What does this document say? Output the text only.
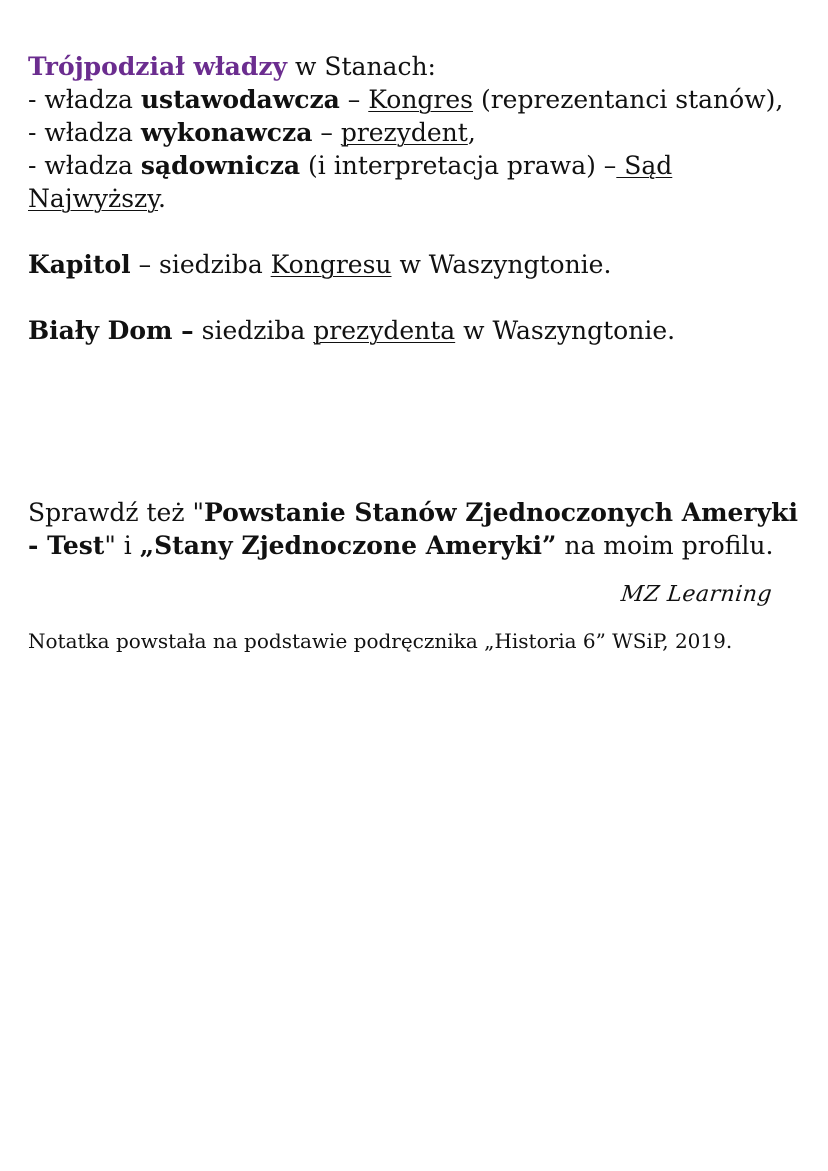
Trójpodział władzy w Stanach:
- władza ustawodawcza – Kongres (reprezentanci stanów),
- władza wykonawcza – prezydent,
- władza sądownicza (i interpretacja prawa) – Sąd Najwyższy.

Kapitol – siedziba Kongresu w Waszyngtonie.

Biały Dom – siedziba prezydenta w Waszyngtonie.

Sprawdź też "Powstanie Stanów Zjednoczonych Ameryki - Test" i „Stany Zjednoczone Ameryki” na moim profilu.

MZ Learning

Notatka powstała na podstawie podręcznika „Historia 6” WSiP, 2019.
